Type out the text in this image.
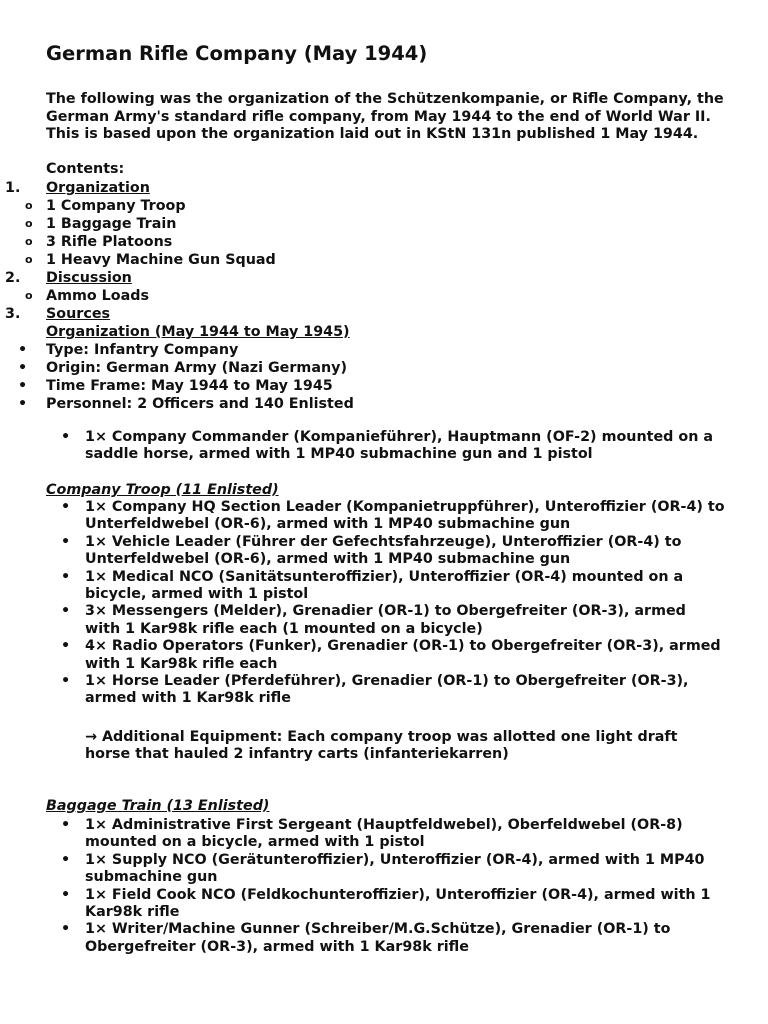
German Rifle Company (May 1944)

The following was the organization of the Schützenkompanie, or Rifle Company, the German Army's standard rifle company, from May 1944 to the end of World War II. This is based upon the organization laid out in KStN 131n published 1 May 1944.

Contents:

1.	Organization
o
1 Company Troop
o
1 Baggage Train
o
3 Rifle Platoons
o
1 Heavy Machine Gun Squad
2.	Discussion
o
Ammo Loads
3.	Sources
Organization (May 1944 to May 1945)
•
Type: Infantry Company
•
Origin: German Army (Nazi Germany)
•
Time Frame: May 1944 to May 1945
•
Personnel: 2 Officers and 140 Enlisted
• 1× Company Commander (Kompanieführer), Hauptmann (OF-2) mounted on a saddle horse, armed with 1 MP40 submachine gun and 1 pistol

Company Troop (11 Enlisted)

• 1× Company HQ Section Leader (Kompanietruppführer), Unteroffizier (OR-4) to Unterfeldwebel (OR-6), armed with 1 MP40 submachine gun
• 1× Vehicle Leader (Führer der Gefechtsfahrzeuge), Unteroffizier (OR-4) to Unterfeldwebel (OR-6), armed with 1 MP40 submachine gun
• 1× Medical NCO (Sanitätsunteroffizier), Unteroffizier (OR-4) mounted on a bicycle, armed with 1 pistol
• 3× Messengers (Melder), Grenadier (OR-1) to Obergefreiter (OR-3), armed with 1 Kar98k rifle each (1 mounted on a bicycle)
• 4× Radio Operators (Funker), Grenadier (OR-1) to Obergefreiter (OR-3), armed with 1 Kar98k rifle each
• 1× Horse Leader (Pferdeführer), Grenadier (OR-1) to Obergefreiter (OR-3), armed with 1 Kar98k rifle

→ Additional Equipment: Each company troop was allotted one light draft horse that hauled 2 infantry carts (infanteriekarren)

Baggage Train (13 Enlisted)

• 1× Administrative First Sergeant (Hauptfeldwebel), Oberfeldwebel (OR-8) mounted on a bicycle, armed with 1 pistol
• 1× Supply NCO (Gerätunteroffizier), Unteroffizier (OR-4), armed with 1 MP40 submachine gun
• 1× Field Cook NCO (Feldkochunteroffizier), Unteroffizier (OR-4), armed with 1 Kar98k rifle
• 1× Writer/Machine Gunner (Schreiber/M.G.Schütze), Grenadier (OR-1) to Obergefreiter (OR-3), armed with 1 Kar98k rifle
